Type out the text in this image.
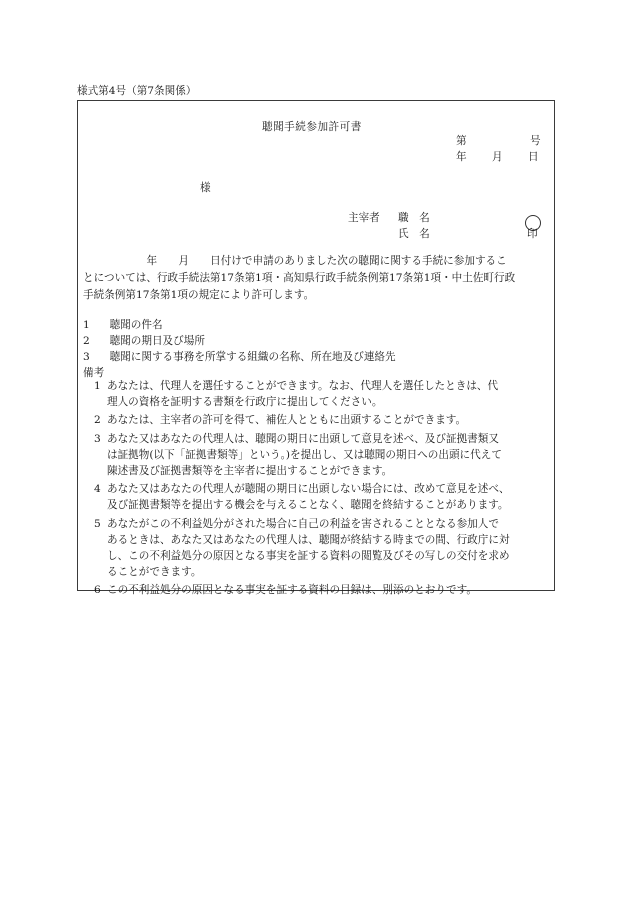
様式第4号（第7条関係）
聴聞手続参加許可書
第	号
年 月 日
様
主宰者 職　名
氏　名	印
　　　　　　年　　月　　日付けで申請のありました次の聴聞に関する手続に参加するこ
とについては、行政手続法第17条第1項・高知県行政手続条例第17条第1項・中土佐町行政
手続条例第17条第1項の規定により許可します。
1　 聴聞の件名
2　 聴聞の期日及び場所
3　 聴聞に関する事務を所掌する組織の名称、所在地及び連絡先
備考
1 あなたは、代理人を選任することができます。なお、代理人を選任したときは、代
理人の資格を証明する書類を行政庁に提出してください。
2 あなたは、主宰者の許可を得て、補佐人とともに出頭することができます。
3 あなた又はあなたの代理人は、聴聞の期日に出頭して意見を述べ、及び証拠書類又
は証拠物(以下「証拠書類等」という。)を提出し、又は聴聞の期日への出頭に代えて
陳述書及び証拠書類等を主宰者に提出することができます。
4 あなた又はあなたの代理人が聴聞の期日に出頭しない場合には、改めて意見を述べ、
及び証拠書類等を提出する機会を与えることなく、聴聞を終結することがあります。
5 あなたがこの不利益処分がされた場合に自己の利益を害されることとなる参加人で
あるときは、あなた又はあなたの代理人は、聴聞が終結する時までの間、行政庁に対
し、この不利益処分の原因となる事実を証する資料の閲覧及びその写しの交付を求め
ることができます。
6 この不利益処分の原因となる事実を証する資料の目録は、別添のとおりです。
